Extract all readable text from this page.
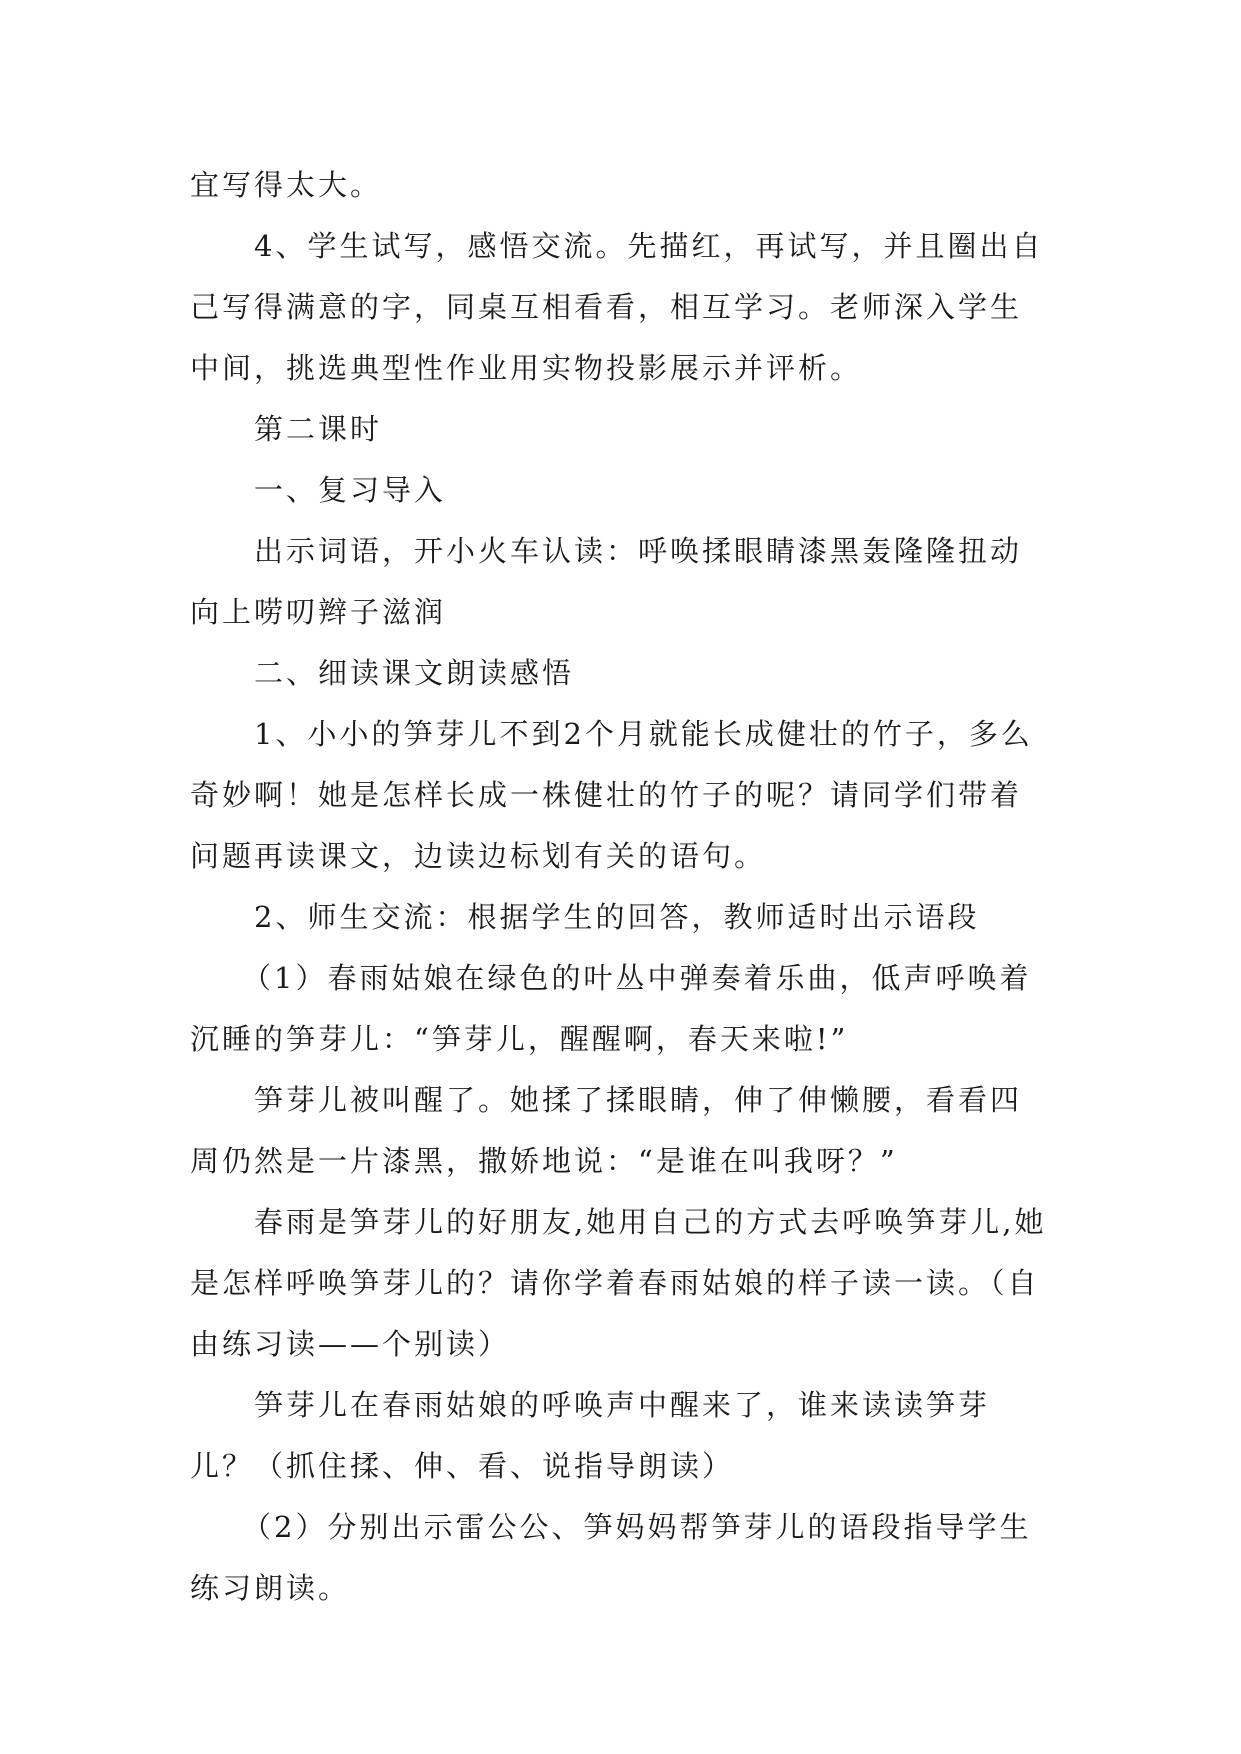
宜写得太大。

4、学生试写，感悟交流。先描红，再试写，并且圈出自己写得满意的字，同桌互相看看，相互学习。老师深入学生中间，挑选典型性作业用实物投影展示并评析。

第二课时

一、复习导入

出示词语，开小火车认读：呼唤揉眼睛漆黑轰隆隆扭动向上唠叨辫子滋润

二、细读课文朗读感悟

1、小小的笋芽儿不到2个月就能长成健壮的竹子，多么奇妙啊！她是怎样长成一株健壮的竹子的呢？请同学们带着问题再读课文，边读边标划有关的语句。

2、师生交流：根据学生的回答，教师适时出示语段

（1）春雨姑娘在绿色的叶丛中弹奏着乐曲，低声呼唤着沉睡的笋芽儿：“笋芽儿，醒醒啊，春天来啦!”

笋芽儿被叫醒了。她揉了揉眼睛，伸了伸懒腰，看看四周仍然是一片漆黑，撒娇地说：“是谁在叫我呀？”

春雨是笋芽儿的好朋友,她用自己的方式去呼唤笋芽儿,她是怎样呼唤笋芽儿的？请你学着春雨姑娘的样子读一读。（自由练习读——个别读）

笋芽儿在春雨姑娘的呼唤声中醒来了，谁来读读笋芽儿？（抓住揉、伸、看、说指导朗读）

（2）分别出示雷公公、笋妈妈帮笋芽儿的语段指导学生练习朗读。
